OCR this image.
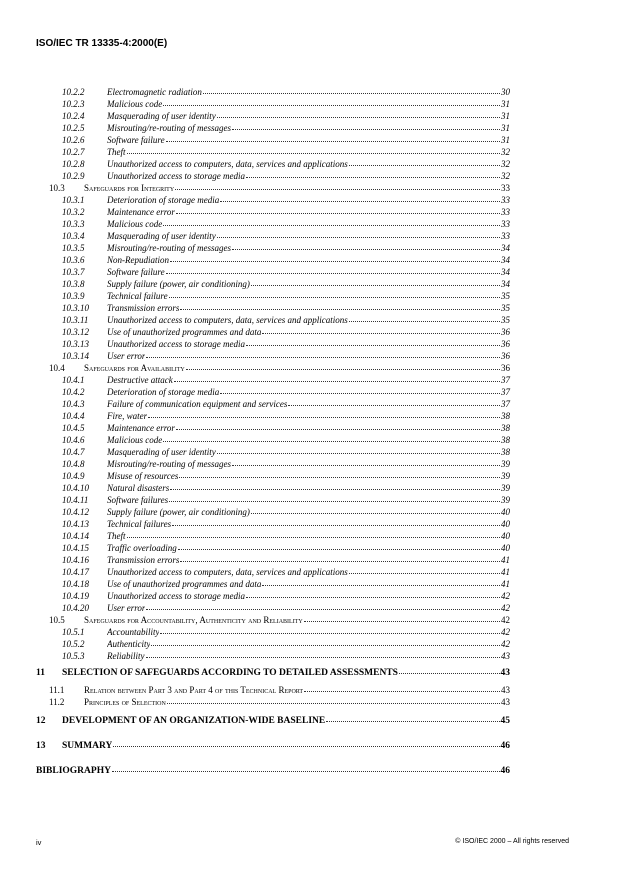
ISO/IEC TR 13335-4:2000(E)
10.2.2	Electromagnetic radiation	30
10.2.3	Malicious code	31
10.2.4	Masquerading of user identity	31
10.2.5	Misrouting/re-routing of messages	31
10.2.6	Software failure	31
10.2.7	Theft	32
10.2.8	Unauthorized access to computers, data, services and applications	32
10.2.9	Unauthorized access to storage media	32
10.3	Safeguards for Integrity	33
10.3.1	Deterioration of storage media	33
10.3.2	Maintenance error	33
10.3.3	Malicious code	33
10.3.4	Masquerading of user identity	33
10.3.5	Misrouting/re-routing of messages	34
10.3.6	Non-Repudiation	34
10.3.7	Software failure	34
10.3.8	Supply failure (power, air conditioning)	34
10.3.9	Technical failure	35
10.3.10	Transmission errors	35
10.3.11	Unauthorized access to computers, data, services and applications	35
10.3.12	Use of unauthorized programmes and data	36
10.3.13	Unauthorized access to storage media	36
10.3.14	User error	36
10.4	Safeguards for Availability	36
10.4.1	Destructive attack	37
10.4.2	Deterioration of storage media	37
10.4.3	Failure of communication equipment and services	37
10.4.4	Fire, water	38
10.4.5	Maintenance error	38
10.4.6	Malicious code	38
10.4.7	Masquerading of user identity	38
10.4.8	Misrouting/re-routing of messages	39
10.4.9	Misuse of resources	39
10.4.10	Natural disasters	39
10.4.11	Software failures	39
10.4.12	Supply failure (power, air conditioning)	40
10.4.13	Technical failures	40
10.4.14	Theft	40
10.4.15	Traffic overloading	40
10.4.16	Transmission errors	41
10.4.17	Unauthorized access to computers, data, services and applications	41
10.4.18	Use of unauthorized programmes and data	41
10.4.19	Unauthorized access to storage media	42
10.4.20	User error	42
10.5	Safeguards for Accountability, Authenticity and Reliability	42
10.5.1	Accountability	42
10.5.2	Authenticity	42
10.5.3	Reliability	43
11	SELECTION OF SAFEGUARDS ACCORDING TO DETAILED ASSESSMENTS	43
11.1	Relation between Part 3 and Part 4 of this Technical Report	43
11.2	Principles of Selection	43
12	DEVELOPMENT OF AN ORGANIZATION-WIDE BASELINE	45
13	SUMMARY	46
BIBLIOGRAPHY	46
iv	© ISO/IEC 2000 – All rights reserved
